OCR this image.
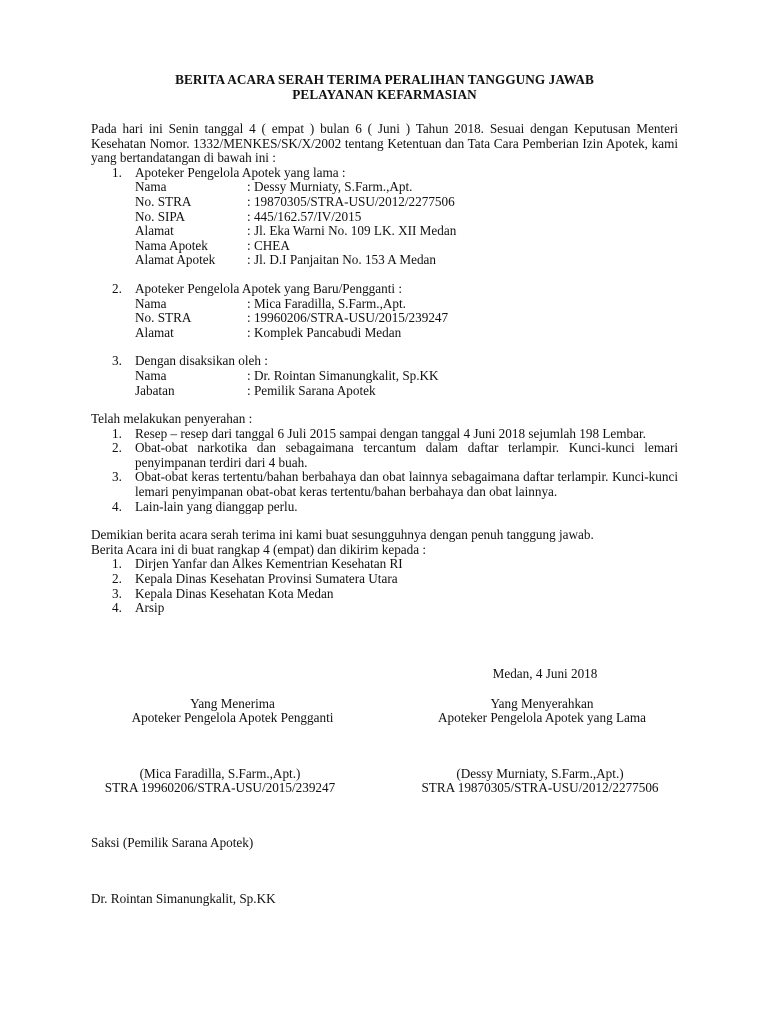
BERITA ACARA SERAH TERIMA PERALIHAN TANGGUNG JAWAB
PELAYANAN KEFARMASIAN
Pada hari ini Senin tanggal 4 ( empat ) bulan 6 ( Juni ) Tahun 2018. Sesuai dengan Keputusan Menteri Kesehatan Nomor. 1332/MENKES/SK/X/2002 tentang Ketentuan dan Tata Cara Pemberian Izin Apotek, kami yang bertandatangan di bawah ini :
1. Apoteker Pengelola Apotek yang lama :
Nama	: Dessy Murniaty, S.Farm.,Apt.
No. STRA	: 19870305/STRA-USU/2012/2277506
No. SIPA	: 445/162.57/IV/2015
Alamat	: Jl. Eka Warni No. 109 LK. XII Medan
Nama Apotek	: CHEA
Alamat Apotek	: Jl. D.I Panjaitan No. 153 A Medan
2. Apoteker Pengelola Apotek yang Baru/Pengganti :
Nama	: Mica Faradilla, S.Farm.,Apt.
No. STRA	: 19960206/STRA-USU/2015/239247
Alamat	: Komplek Pancabudi Medan
3. Dengan disaksikan oleh :
Nama	: Dr. Rointan Simanungkalit, Sp.KK
Jabatan	: Pemilik Sarana Apotek
Telah melakukan penyerahan :
1. Resep – resep dari tanggal 6 Juli 2015 sampai dengan tanggal 4 Juni 2018 sejumlah 198 Lembar.
2. Obat-obat narkotika dan sebagaimana tercantum dalam daftar terlampir. Kunci-kunci lemari penyimpanan terdiri dari 4 buah.
3. Obat-obat keras tertentu/bahan berbahaya dan obat lainnya sebagaimana daftar terlampir. Kunci-kunci lemari penyimpanan obat-obat keras tertentu/bahan berbahaya dan obat lainnya.
4. Lain-lain yang dianggap perlu.
Demikian berita acara serah terima ini kami buat sesungguhnya dengan penuh tanggung jawab.
Berita Acara ini di buat rangkap 4 (empat) dan dikirim kepada :
1. Dirjen Yanfar dan Alkes Kementrian Kesehatan RI
2. Kepala Dinas Kesehatan Provinsi Sumatera Utara
3. Kepala Dinas Kesehatan Kota Medan
4. Arsip
Medan, 4 Juni 2018
Yang Menerima
Apoteker Pengelola Apotek Pengganti
Yang Menyerahkan
Apoteker Pengelola Apotek yang Lama
(Mica Faradilla, S.Farm.,Apt.)
STRA 19960206/STRA-USU/2015/239247
(Dessy Murniaty, S.Farm.,Apt.)
STRA 19870305/STRA-USU/2012/2277506
Saksi (Pemilik Sarana Apotek)
Dr. Rointan Simanungkalit, Sp.KK
